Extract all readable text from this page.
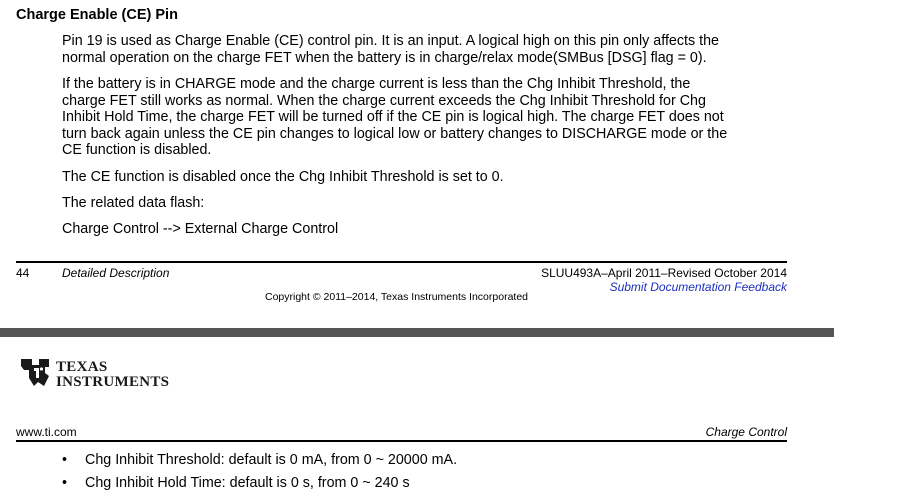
Charge Enable (CE) Pin
Pin 19 is used as Charge Enable (CE) control pin. It is an input. A logical high on this pin only affects the
normal operation on the charge FET when the battery is in charge/relax mode(SMBus [DSG] flag = 0).
If the battery is in CHARGE mode and the charge current is less than the Chg Inhibit Threshold, the
charge FET still works as normal. When the charge current exceeds the Chg Inhibit Threshold for Chg
Inhibit Hold Time, the charge FET will be turned off if the CE pin is logical high. The charge FET does not
turn back again unless the CE pin changes to logical low or battery changes to DISCHARGE mode or the
CE function is disabled.
The CE function is disabled once the Chg Inhibit Threshold is set to 0.
The related data flash:
Charge Control --> External Charge Control
44	Detailed Description	SLUU493A–April 2011–Revised October 2014
Submit Documentation Feedback
Copyright © 2011–2014, Texas Instruments Incorporated
TEXAS
INSTRUMENTS
www.ti.com	Charge Control
• Chg Inhibit Threshold: default is 0 mA, from 0 ~ 20000 mA.
• Chg Inhibit Hold Time: default is 0 s, from 0 ~ 240 s
